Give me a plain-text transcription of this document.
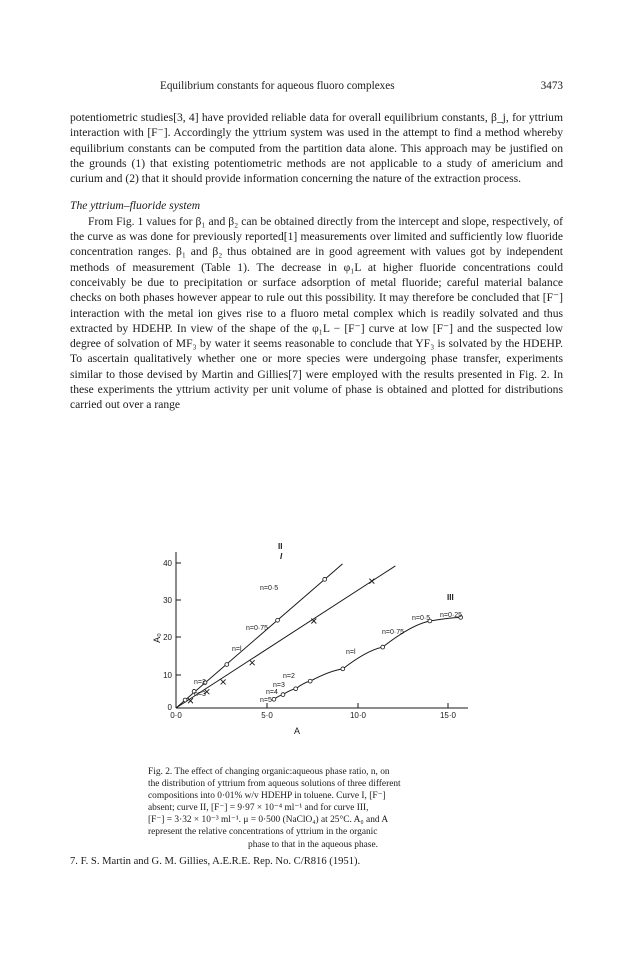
Equilibrium constants for aqueous fluoro complexes	3473

potentiometric studies[3, 4] have provided reliable data for overall equilibrium constants, β_j, for yttrium interaction with [F⁻]. Accordingly the yttrium system was used in the attempt to find a method whereby equilibrium constants can be computed from the partition data alone. This approach may be justified on the grounds (1) that existing potentiometric methods are not applicable to a study of americium and curium and (2) that it should provide information concerning the nature of the extraction process.

The yttrium–fluoride system

From Fig. 1 values for β₁ and β₂ can be obtained directly from the intercept and slope, respectively, of the curve as was done for previously reported[1] measurements over limited and sufficiently low fluoride concentration ranges. β₁ and β₂ thus obtained are in good agreement with values got by independent methods of measurement (Table 1). The decrease in φ₁L at higher fluoride concentrations could conceivably be due to precipitation or surface adsorption of metal fluoride; careful material balance checks on both phases however appear to rule out this possibility. It may therefore be concluded that [F⁻] interaction with the metal ion gives rise to a fluoro metal complex which is readily solvated and thus extracted by HDEHP. In view of the shape of the φ₁L − [F⁻] curve at low [F⁻] and the suspected low degree of solvation of MF₃ by water it seems reasonable to conclude that YF₃ is solvated by the HDEHP. To ascertain qualitatively whether one or more species were undergoing phase transfer, experiments similar to those devised by Martin and Gillies[7] were employed with the results presented in Fig. 2. In these experiments the yttrium activity per unit volume of phase is obtained and plotted for distributions carried out over a range

10
20
30
40
0
0·0	5·0	10·0	15·0
A₀
A
II
I
III
n=0·5
n=0·75
n=l
n=2
n=3
n=2
n=3
n=4
n=5
n=l
n=0·75
n=0·5 n=0·25
Fig. 2. The effect of changing organic:aqueous phase ratio, n, on
the distribution of yttrium from aqueous solutions of three different
compositions into 0·01% w/v HDEHP in toluene. Curve I, [F⁻]
absent; curve II, [F⁻] = 9·97 × 10⁻⁴ ml⁻¹ and for curve III,
[F⁻] = 3·32 × 10⁻³ ml⁻¹. μ = 0·500 (NaClO₄) at 25°C. A₀ and A
represent the relative concentrations of yttrium in the organic
phase to that in the aqueous phase.
7. F. S. Martin and G. M. Gillies, A.E.R.E. Rep. No. C/R816 (1951).
